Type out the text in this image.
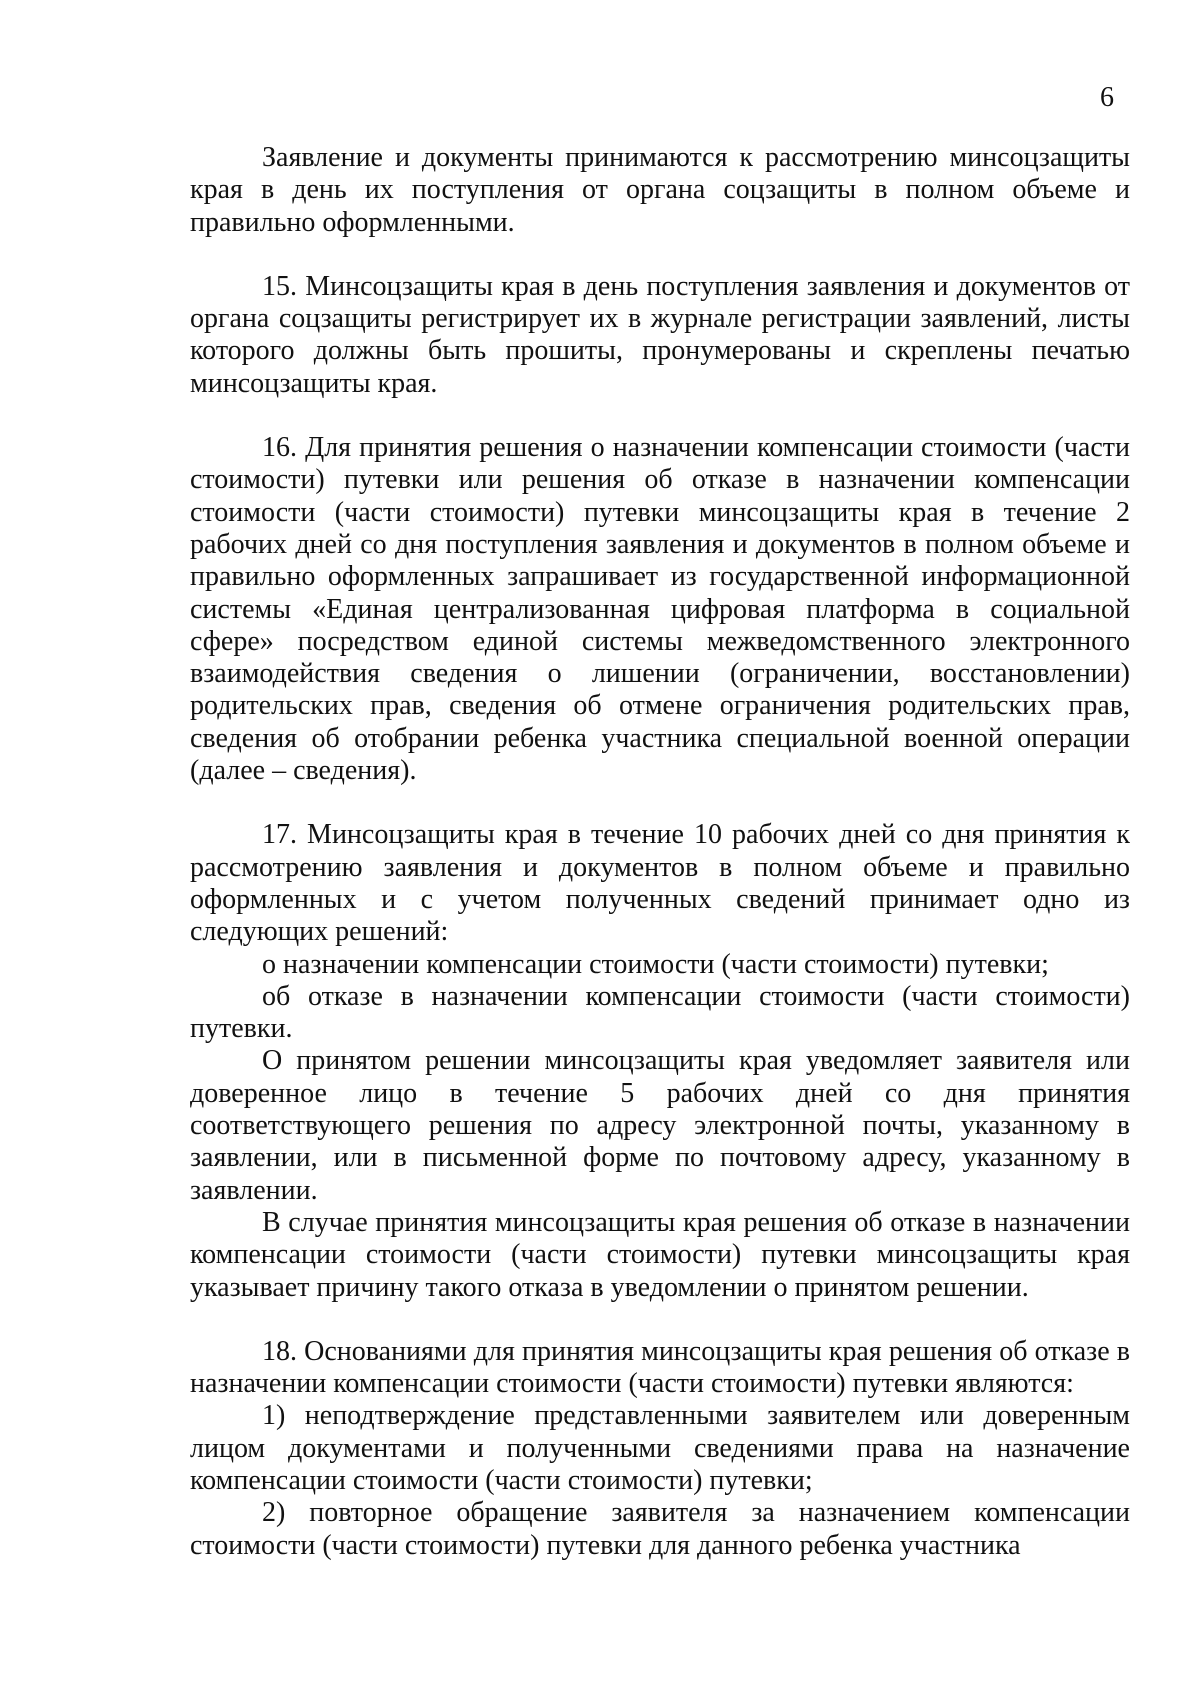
6

Заявление и документы принимаются к рассмотрению минсоцзащиты края в день их поступления от органа соцзащиты в полном объеме и правильно оформленными.

15. Минсоцзащиты края в день поступления заявления и документов от органа соцзащиты регистрирует их в журнале регистрации заявлений, листы которого должны быть прошиты, пронумерованы и скреплены печатью минсоцзащиты края.

16. Для принятия решения о назначении компенсации стоимости (части стоимости) путевки или решения об отказе в назначении компенсации стоимости (части стоимости) путевки минсоцзащиты края в течение 2 рабочих дней со дня поступления заявления и документов в полном объеме и правильно оформленных запрашивает из государственной информационной системы «Единая централизованная цифровая платформа в социальной сфере» посредством единой системы межведомственного электронного взаимодействия сведения о лишении (ограничении, восстановлении) родительских прав, сведения об отмене ограничения родительских прав, сведения об отобрании ребенка участника специальной военной операции (далее – сведения).

17. Минсоцзащиты края в течение 10 рабочих дней со дня принятия к рассмотрению заявления и документов в полном объеме и правильно оформленных и с учетом полученных сведений принимает одно из следующих решений:

о назначении компенсации стоимости (части стоимости) путевки;

об отказе в назначении компенсации стоимости (части стоимости) путевки.

О принятом решении минсоцзащиты края уведомляет заявителя или доверенное лицо в течение 5 рабочих дней со дня принятия соответствующего решения по адресу электронной почты, указанному в заявлении, или в письменной форме по почтовому адресу, указанному в заявлении.

В случае принятия минсоцзащиты края решения об отказе в назначении компенсации стоимости (части стоимости) путевки минсоцзащиты края указывает причину такого отказа в уведомлении о принятом решении.

18. Основаниями для принятия минсоцзащиты края решения об отказе в назначении компенсации стоимости (части стоимости) путевки являются:

1) неподтверждение представленными заявителем или доверенным лицом документами и полученными сведениями права на назначение компенсации стоимости (части стоимости) путевки;

2) повторное обращение заявителя за назначением компенсации стоимости (части стоимости) путевки для данного ребенка участника
